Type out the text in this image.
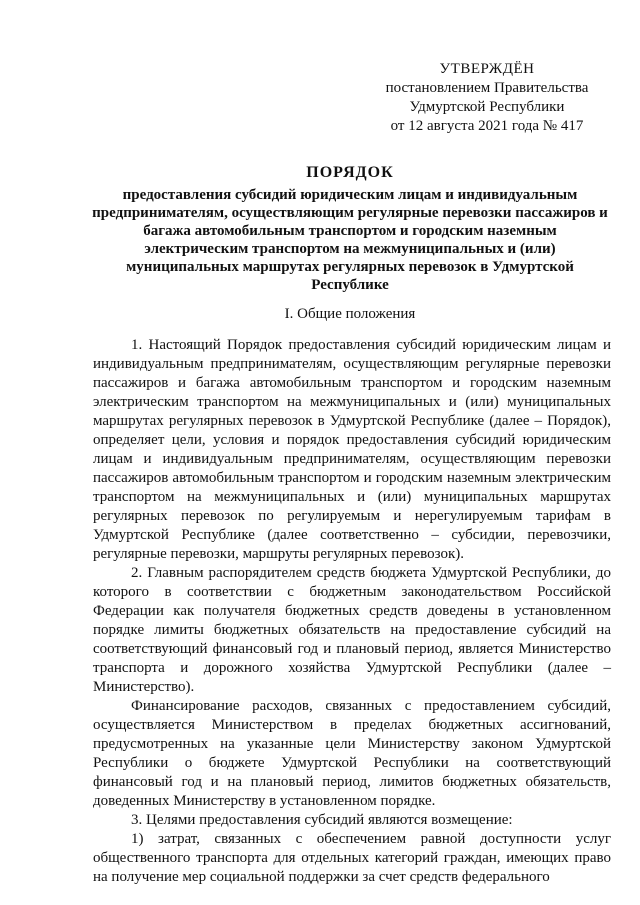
УТВЕРЖДЁН
постановлением Правительства
Удмуртской Республики
от 12 августа 2021 года № 417
ПОРЯДОК
предоставления субсидий юридическим лицам и индивидуальным предпринимателям, осуществляющим регулярные перевозки пассажиров и багажа автомобильным транспортом и городским наземным электрическим транспортом на межмуниципальных и (или) муниципальных маршрутах регулярных перевозок в Удмуртской Республике
I. Общие положения

1. Настоящий Порядок предоставления субсидий юридическим лицам и индивидуальным предпринимателям, осуществляющим регулярные перевозки пассажиров и багажа автомобильным транспортом и городским наземным электрическим транспортом на межмуниципальных и (или) муниципальных маршрутах регулярных перевозок в Удмуртской Республике (далее – Порядок), определяет цели, условия и порядок предоставления субсидий юридическим лицам и индивидуальным предпринимателям, осуществляющим перевозки пассажиров автомобильным транспортом и городским наземным электрическим транспортом на межмуниципальных и (или) муниципальных маршрутах регулярных перевозок по регулируемым и нерегулируемым тарифам в Удмуртской Республике (далее соответственно – субсидии, перевозчики, регулярные перевозки, маршруты регулярных перевозок).

2. Главным распорядителем средств бюджета Удмуртской Республики, до которого в соответствии с бюджетным законодательством Российской Федерации как получателя бюджетных средств доведены в установленном порядке лимиты бюджетных обязательств на предоставление субсидий на соответствующий финансовый год и плановый период, является Министерство транспорта и дорожного хозяйства Удмуртской Республики (далее – Министерство).

Финансирование расходов, связанных с предоставлением субсидий, осуществляется Министерством в пределах бюджетных ассигнований, предусмотренных на указанные цели Министерству законом Удмуртской Республики о бюджете Удмуртской Республики на соответствующий финансовый год и на плановый период, лимитов бюджетных обязательств, доведенных Министерству в установленном порядке.

3. Целями предоставления субсидий являются возмещение:

1) затрат, связанных с обеспечением равной доступности услуг общественного транспорта для отдельных категорий граждан, имеющих право на получение мер социальной поддержки за счет средств федерального
